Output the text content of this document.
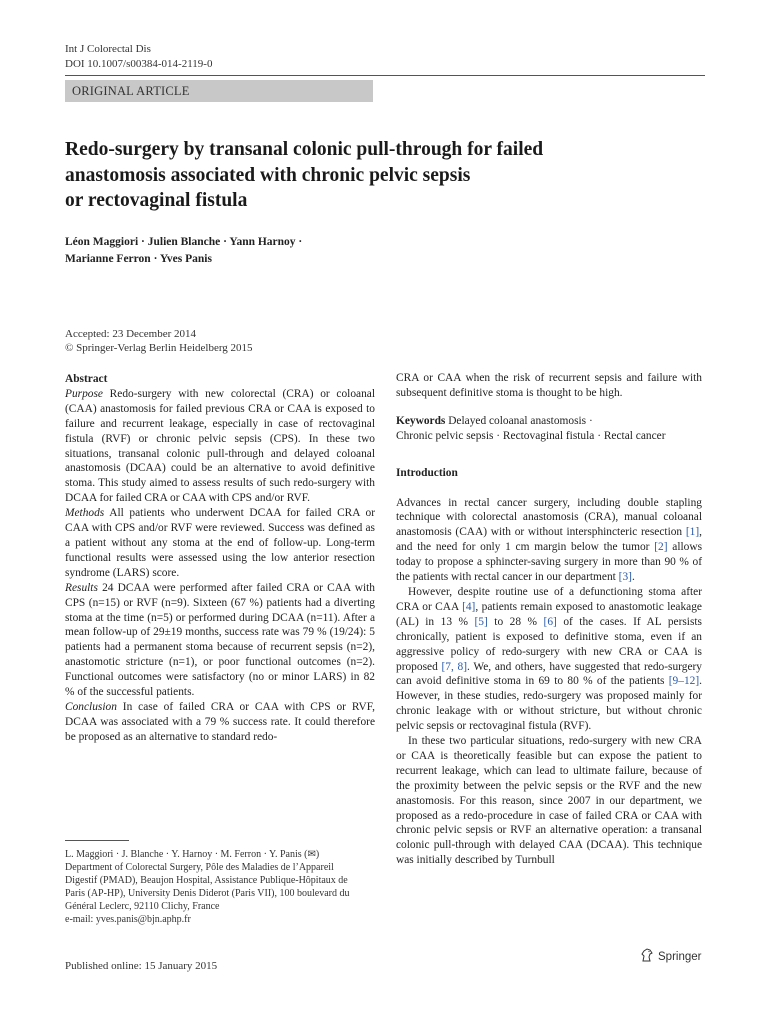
Int J Colorectal Dis
DOI 10.1007/s00384-014-2119-0
ORIGINAL ARTICLE
Redo-surgery by transanal colonic pull-through for failed
anastomosis associated with chronic pelvic sepsis
or rectovaginal fistula
Léon Maggiori · Julien Blanche · Yann Harnoy ·
Marianne Ferron · Yves Panis
Accepted: 23 December 2014
© Springer-Verlag Berlin Heidelberg 2015

Abstract

Purpose Redo-surgery with new colorectal (CRA) or coloanal (CAA) anastomosis for failed previous CRA or CAA is exposed to failure and recurrent leakage, especially in case of rectovaginal fistula (RVF) or chronic pelvic sepsis (CPS). In these two situations, transanal colonic pull-through and delayed coloanal anastomosis (DCAA) could be an alternative to avoid definitive stoma. This study aimed to assess results of such redo-surgery with DCAA for failed CRA or CAA with CPS and/or RVF.

Methods All patients who underwent DCAA for failed CRA or CAA with CPS and/or RVF were reviewed. Success was defined as a patient without any stoma at the end of follow-up. Long-term functional results were assessed using the low anterior resection syndrome (LARS) score.

Results 24 DCAA were performed after failed CRA or CAA with CPS (n=15) or RVF (n=9). Sixteen (67 %) patients had a diverting stoma at the time (n=5) or performed during DCAA (n=11). After a mean follow-up of 29±19 months, success rate was 79 % (19/24): 5 patients had a permanent stoma because of recurrent sepsis (n=2), anastomotic stricture (n=1), or poor functional outcomes (n=2). Functional outcomes were satisfactory (no or minor LARS) in 82 % of the successful patients.

Conclusion In case of failed CRA or CAA with CPS or RVF, DCAA was associated with a 79 % success rate. It could therefore be proposed as an alternative to standard redo-

L. Maggiori · J. Blanche · Y. Harnoy · M. Ferron · Y. Panis (✉)
Department of Colorectal Surgery, Pôle des Maladies de l’Appareil Digestif (PMAD), Beaujon Hospital, Assistance Publique-Hôpitaux de Paris (AP-HP), University Denis Diderot (Paris VII), 100 boulevard du Général Leclerc, 92110 Clichy, France
e-mail: yves.panis@bjn.aphp.fr
Published online: 15 January 2015

CRA or CAA when the risk of recurrent sepsis and failure with subsequent definitive stoma is thought to be high.

Keywords Delayed coloanal anastomosis ·
Chronic pelvic sepsis · Rectovaginal fistula · Rectal cancer

Introduction

Advances in rectal cancer surgery, including double stapling technique with colorectal anastomosis (CRA), manual coloanal anastomosis (CAA) with or without intersphincteric resection [1], and the need for only 1 cm margin below the tumor [2] allows today to propose a sphincter-saving surgery in more than 90 % of the patients with rectal cancer in our department [3].

However, despite routine use of a defunctioning stoma after CRA or CAA [4], patients remain exposed to anastomotic leakage (AL) in 13 % [5] to 28 % [6] of the cases. If AL persists chronically, patient is exposed to definitive stoma, even if an aggressive policy of redo-surgery with new CRA or CAA is proposed [7, 8]. We, and others, have suggested that redo-surgery can avoid definitive stoma in 69 to 80 % of the patients [9–12]. However, in these studies, redo-surgery was proposed mainly for chronic leakage with or without stricture, but without chronic pelvic sepsis or rectovaginal fistula (RVF).

In these two particular situations, redo-surgery with new CRA or CAA is theoretically feasible but can expose the patient to recurrent leakage, which can lead to ultimate failure, because of the proximity between the pelvic sepsis or the RVF and the new anastomosis. For this reason, since 2007 in our department, we proposed as a redo-procedure in case of failed CRA or CAA with chronic pelvic sepsis or RVF an alternative operation: a transanal colonic pull-through with delayed CAA (DCAA). This technique was initially described by Turnbull

Springer
